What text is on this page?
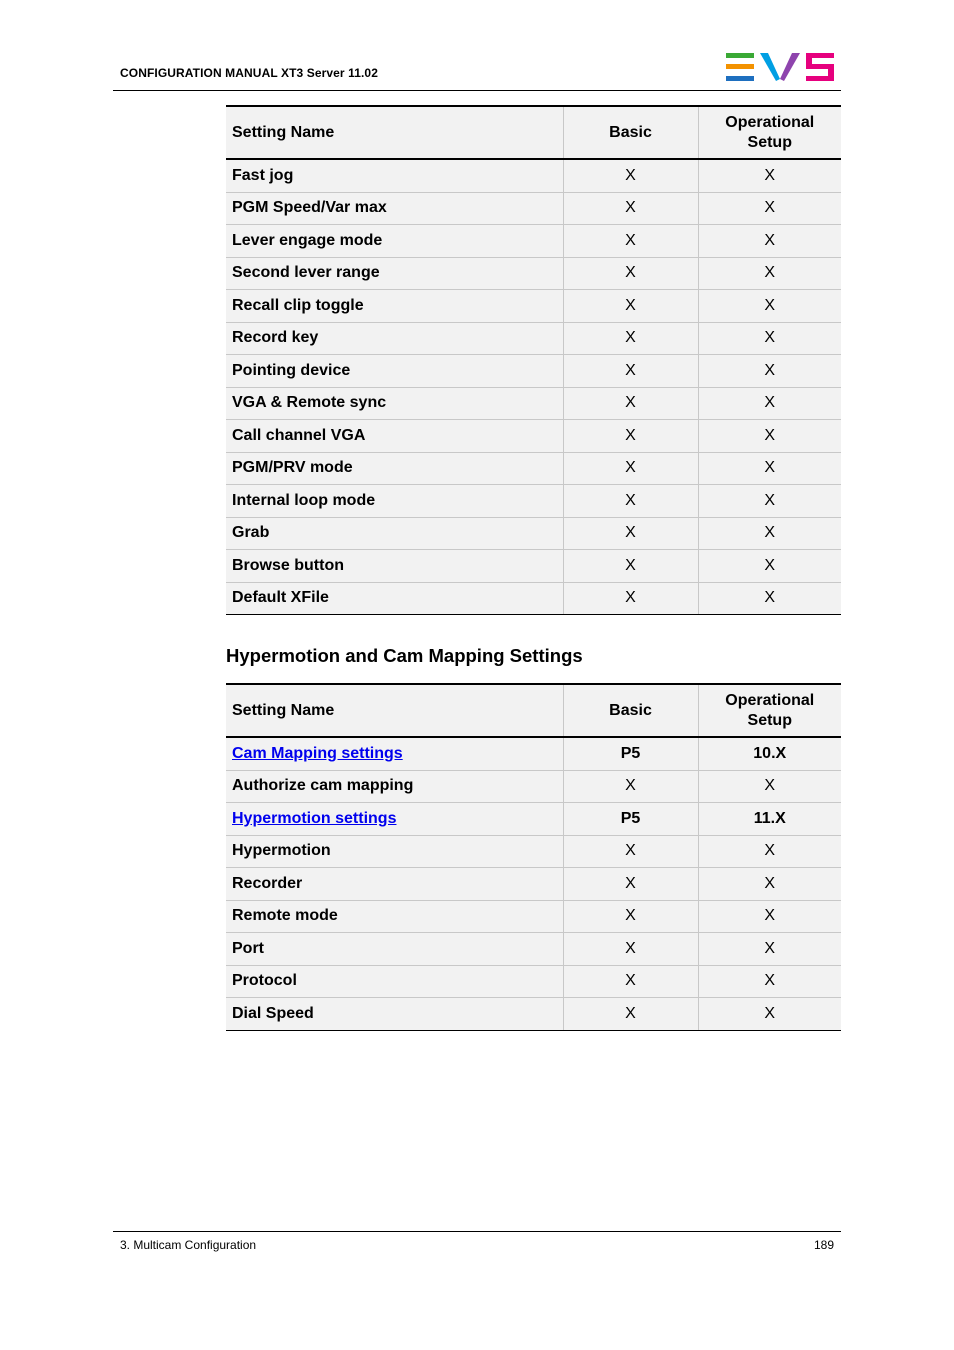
CONFIGURATION MANUAL XT3 Server 11.02
Setting Name	Basic	Operational Setup
Fast jog	X	X
PGM Speed/Var max	X	X
Lever engage mode	X	X
Second lever range	X	X
Recall clip toggle	X	X
Record key	X	X
Pointing device	X	X
VGA & Remote sync	X	X
Call channel VGA	X	X
PGM/PRV mode	X	X
Internal loop mode	X	X
Grab	X	X
Browse button	X	X
Default XFile	X	X
Hypermotion and Cam Mapping Settings
Setting Name	Basic	Operational Setup
Cam Mapping settings	P5	10.X
Authorize cam mapping	X	X
Hypermotion settings	P5	11.X
Hypermotion	X	X
Recorder	X	X
Remote mode	X	X
Port	X	X
Protocol	X	X
Dial Speed	X	X
3. Multicam Configuration	189
